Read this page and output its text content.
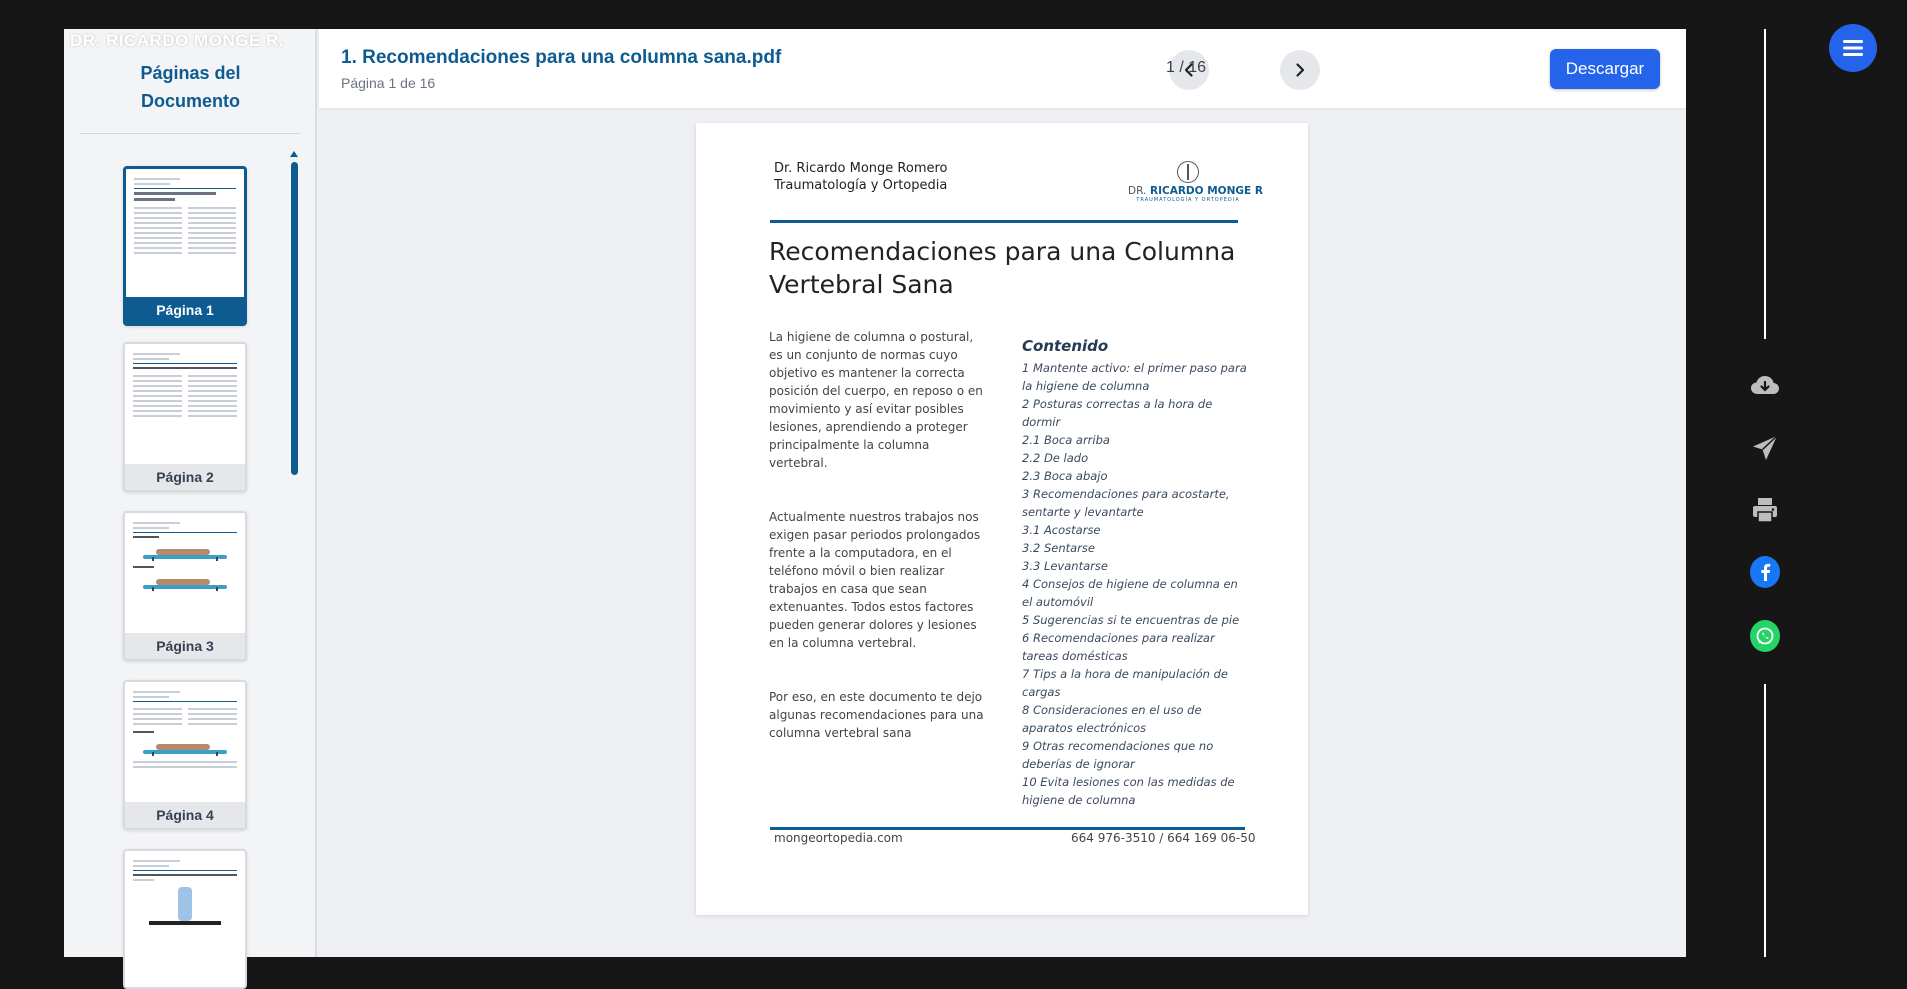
DR. RICARDO MONGE R.
Páginas del
Documento
Página 1
Página 2
Página 3
Página 4
1. Recomendaciones para una columna sana.pdf
Página 1 de 16
1 / 16	Descargar
Dr. Ricardo Monge Romero
Traumatología y Ortopedia	DR. RICARDO MONGE R
TRAUMATOLOGÍA Y ORTOPEDIA
Recomendaciones para una Columna Vertebral Sana

La higiene de columna o postural, es un conjunto de normas cuyo objetivo es mantener la correcta posición del cuerpo, en reposo o en movimiento y así evitar posibles lesiones, aprendiendo a proteger principalmente la columna vertebral.

Actualmente nuestros trabajos nos exigen pasar periodos prolongados frente a la computadora, en el teléfono móvil o bien realizar trabajos en casa que sean extenuantes. Todos estos factores pueden generar dolores y lesiones en la columna vertebral.

Por eso, en este documento te dejo algunas recomendaciones para una columna vertebral sana

Contenido
1 Mantente activo: el primer paso para la higiene de columna
2 Posturas correctas a la hora de dormir
2.1 Boca arriba
2.2 De lado
2.3 Boca abajo
3 Recomendaciones para acostarte, sentarte y levantarte
3.1 Acostarse
3.2 Sentarse
3.3 Levantarse
4 Consejos de higiene de columna en el automóvil
5 Sugerencias si te encuentras de pie
6 Recomendaciones para realizar tareas domésticas
7 Tips a la hora de manipulación de cargas
8 Consideraciones en el uso de aparatos electrónicos
9 Otras recomendaciones que no deberías de ignorar
10 Evita lesiones con las medidas de higiene de columna
mongeortopedia.com	664 976-3510 / 664 169 06-50
